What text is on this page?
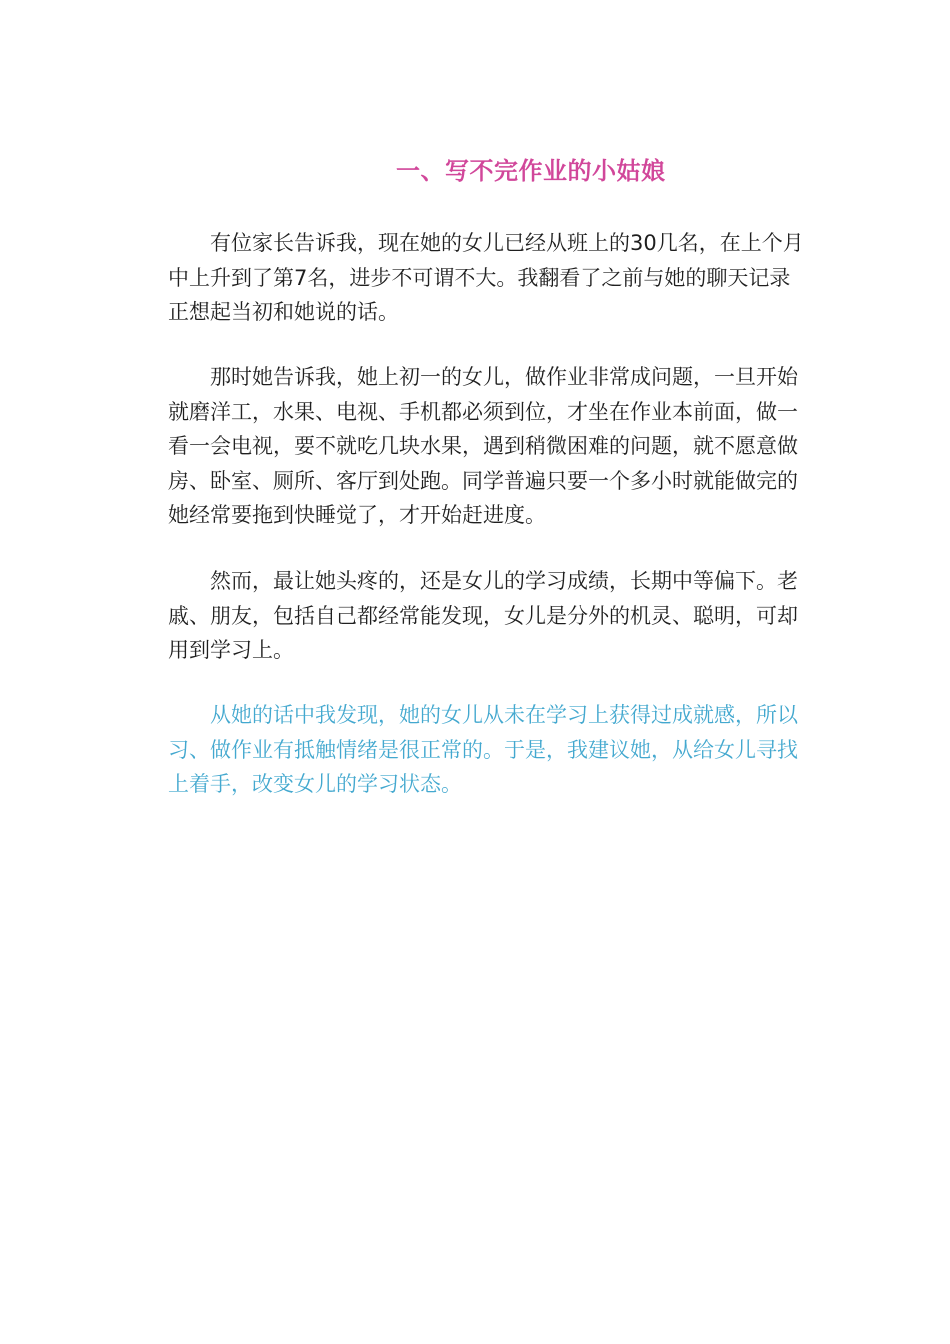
一、写不完作业的小姑娘
　　有位家长告诉我，现在她的女儿已经从班上的30几名，在上个月
中上升到了第7名，进步不可谓不大。我翻看了之前与她的聊天记录
正想起当初和她说的话。
　　那时她告诉我，她上初一的女儿，做作业非常成问题，一旦开始
就磨洋工，水果、电视、手机都必须到位，才坐在作业本前面，做一
看一会电视，要不就吃几块水果，遇到稍微困难的问题，就不愿意做
房、卧室、厕所、客厅到处跑。同学普遍只要一个多小时就能做完的
她经常要拖到快睡觉了，才开始赶进度。
　　然而，最让她头疼的，还是女儿的学习成绩，长期中等偏下。老
戚、朋友，包括自己都经常能发现，女儿是分外的机灵、聪明，可却
用到学习上。
　　从她的话中我发现，她的女儿从未在学习上获得过成就感，所以
习、做作业有抵触情绪是很正常的。于是，我建议她，从给女儿寻找
上着手，改变女儿的学习状态。
